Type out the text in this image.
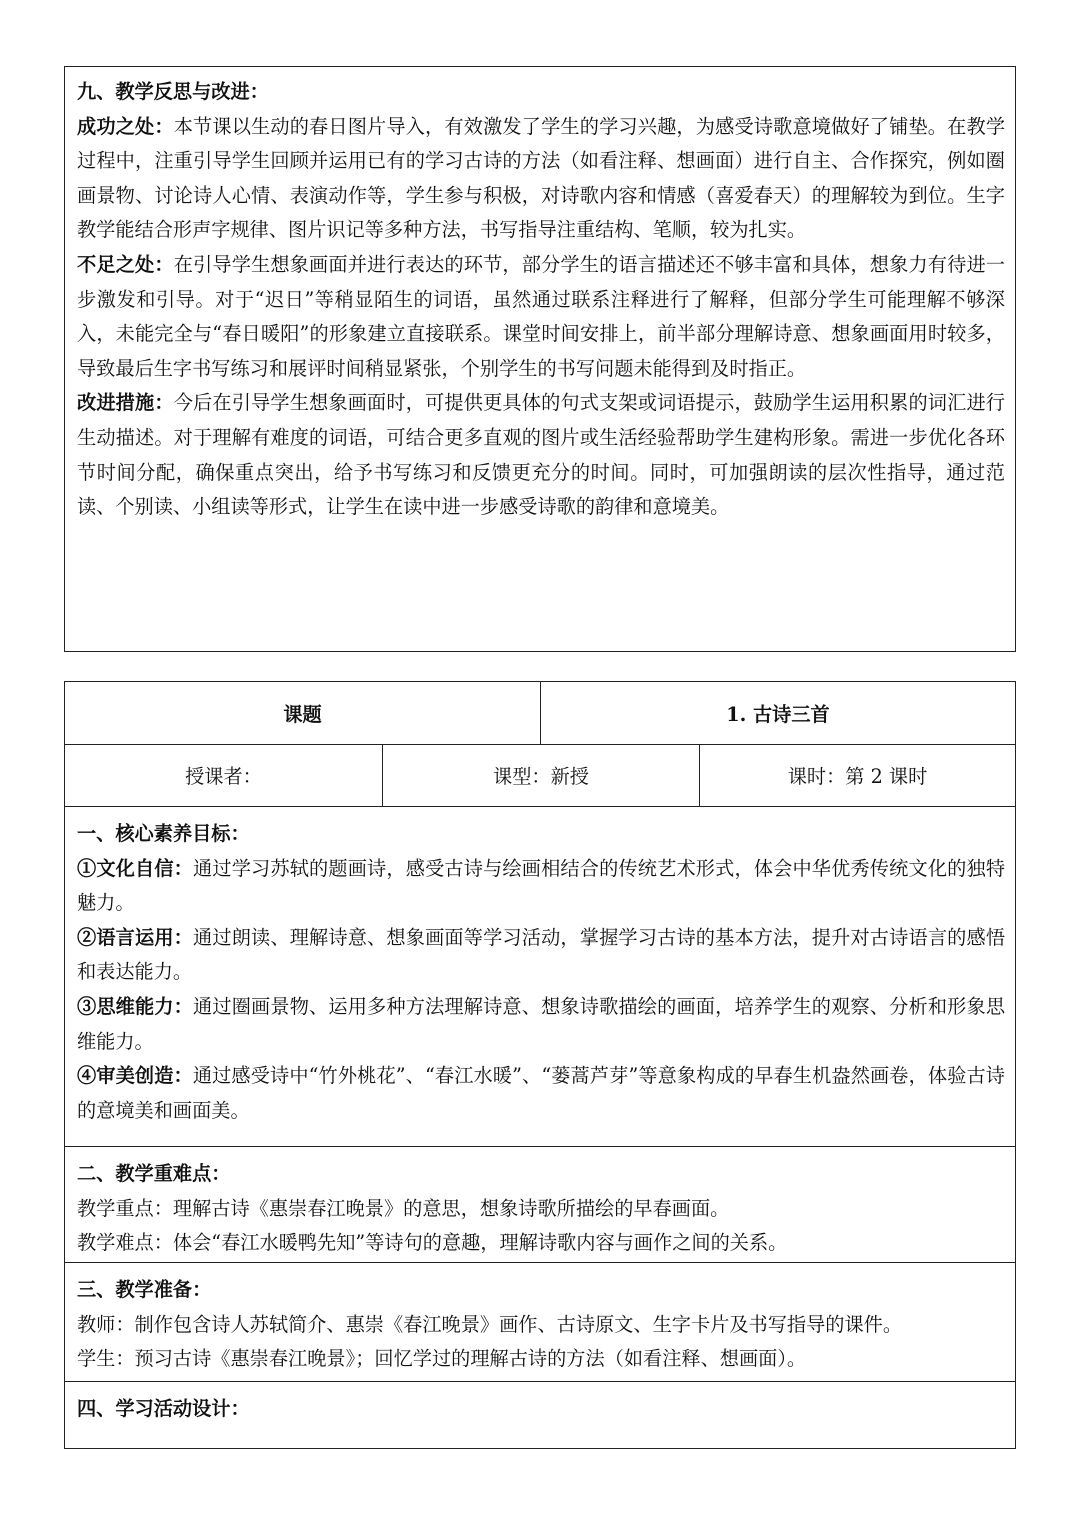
九、教学反思与改进：

成功之处：本节课以生动的春日图片导入，有效激发了学生的学习兴趣，为感受诗歌意境做好了铺垫。在教学过程中，注重引导学生回顾并运用已有的学习古诗的方法（如看注释、想画面）进行自主、合作探究，例如圈画景物、讨论诗人心情、表演动作等，学生参与积极，对诗歌内容和情感（喜爱春天）的理解较为到位。生字教学能结合形声字规律、图片识记等多种方法，书写指导注重结构、笔顺，较为扎实。

不足之处：在引导学生想象画面并进行表达的环节，部分学生的语言描述还不够丰富和具体，想象力有待进一步激发和引导。对于“迟日”等稍显陌生的词语，虽然通过联系注释进行了解释，但部分学生可能理解不够深入，未能完全与“春日暖阳”的形象建立直接联系。课堂时间安排上，前半部分理解诗意、想象画面用时较多，导致最后生字书写练习和展评时间稍显紧张，个别学生的书写问题未能得到及时指正。

改进措施：今后在引导学生想象画面时，可提供更具体的句式支架或词语提示，鼓励学生运用积累的词汇进行生动描述。对于理解有难度的词语，可结合更多直观的图片或生活经验帮助学生建构形象。需进一步优化各环节时间分配，确保重点突出，给予书写练习和反馈更充分的时间。同时，可加强朗读的层次性指导，通过范读、个别读、小组读等形式，让学生在读中进一步感受诗歌的韵律和意境美。

课题	1. 古诗三首
授课者：	课型：新授	课时：第 2 课时

一、核心素养目标：

①文化自信：通过学习苏轼的题画诗，感受古诗与绘画相结合的传统艺术形式，体会中华优秀传统文化的独特魅力。

②语言运用：通过朗读、理解诗意、想象画面等学习活动，掌握学习古诗的基本方法，提升对古诗语言的感悟和表达能力。

③思维能力：通过圈画景物、运用多种方法理解诗意、想象诗歌描绘的画面，培养学生的观察、分析和形象思维能力。

④审美创造：通过感受诗中“竹外桃花”、“春江水暖”、“蒌蒿芦芽”等意象构成的早春生机盎然画卷，体验古诗的意境美和画面美。

二、教学重难点：

教学重点：理解古诗《惠崇春江晚景》的意思，想象诗歌所描绘的早春画面。

教学难点：体会“春江水暖鸭先知”等诗句的意趣，理解诗歌内容与画作之间的关系。

三、教学准备：

教师：制作包含诗人苏轼简介、惠崇《春江晚景》画作、古诗原文、生字卡片及书写指导的课件。

学生：预习古诗《惠崇春江晚景》；回忆学过的理解古诗的方法（如看注释、想画面）。

四、学习活动设计：
